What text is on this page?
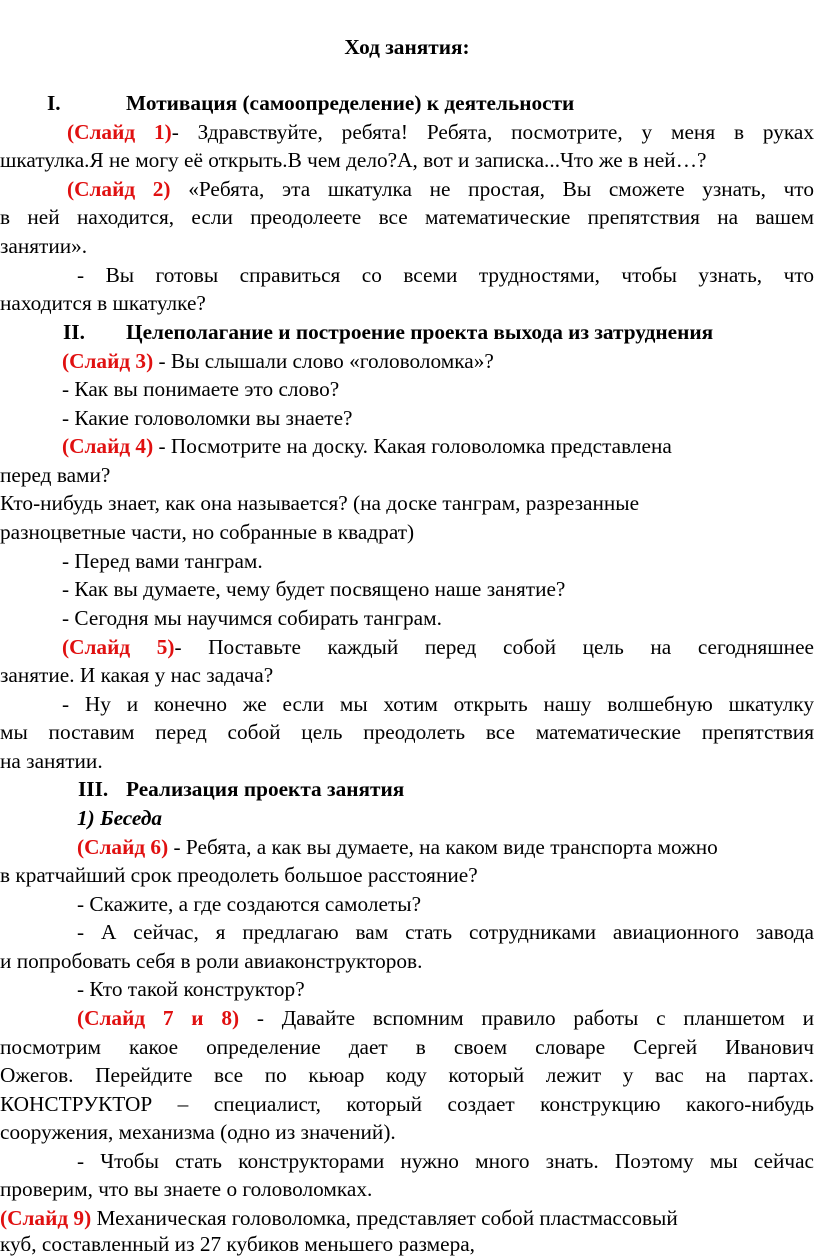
Ход занятия:
I.	Мотивация (самоопределение) к деятельности
(Слайд 1)- Здравствуйте, ребята! Ребята, посмотрите, у меня в руках
шкатулка.Я не могу её открыть.В чем дело?А, вот и записка...Что же в ней…?
(Слайд 2) «Ребята, эта шкатулка не простая, Вы сможете узнать, что
в ней находится, если преодолеете все математические препятствия на вашем
занятии».
- Вы готовы справиться со всеми трудностями, чтобы узнать, что
находится в шкатулке?
II. Целеполагание и построение проекта выхода из затруднения
(Слайд 3) - Вы слышали слово «головоломка»?
- Как вы понимаете это слово?
- Какие головоломки вы знаете?
(Слайд 4) - Посмотрите на доску. Какая головоломка представлена
перед вами?
Кто-нибудь знает, как она называется? (на доске танграм, разрезанные
разноцветные части, но собранные в квадрат)
- Перед вами танграм.
- Как вы думаете, чему будет посвящено наше занятие?
- Сегодня мы научимся собирать танграм.
(Слайд 5)- Поставьте каждый перед собой цель на сегодняшнее
занятие. И какая у нас задача?
- Ну и конечно же если мы хотим открыть нашу волшебную шкатулку
мы поставим перед собой цель преодолеть все математические препятствия
на занятии.
III. Реализация проекта занятия
1) Беседа
(Слайд 6) - Ребята, а как вы думаете, на каком виде транспорта можно
в кратчайший срок преодолеть большое расстояние?
- Скажите, а где создаются самолеты?
- А сейчас, я предлагаю вам стать сотрудниками авиационного завода
и попробовать себя в роли авиаконструкторов.
- Кто такой конструктор?
(Слайд 7 и 8) - Давайте вспомним правило работы с планшетом и
посмотрим какое определение дает в своем словаре Сергей Иванович
Ожегов. Перейдите все по кьюар коду который лежит у вас на партах.
КОНСТРУКТОР – специалист, который создает конструкцию какого-нибудь
сооружения, механизма (одно из значений).
- Чтобы стать конструкторами нужно много знать. Поэтому мы сейчас
проверим, что вы знаете о головоломках.
(Слайд 9) Механическая головоломка, представляет собой пластмассовый
куб, составленный из 27 кубиков меньшего размера,
